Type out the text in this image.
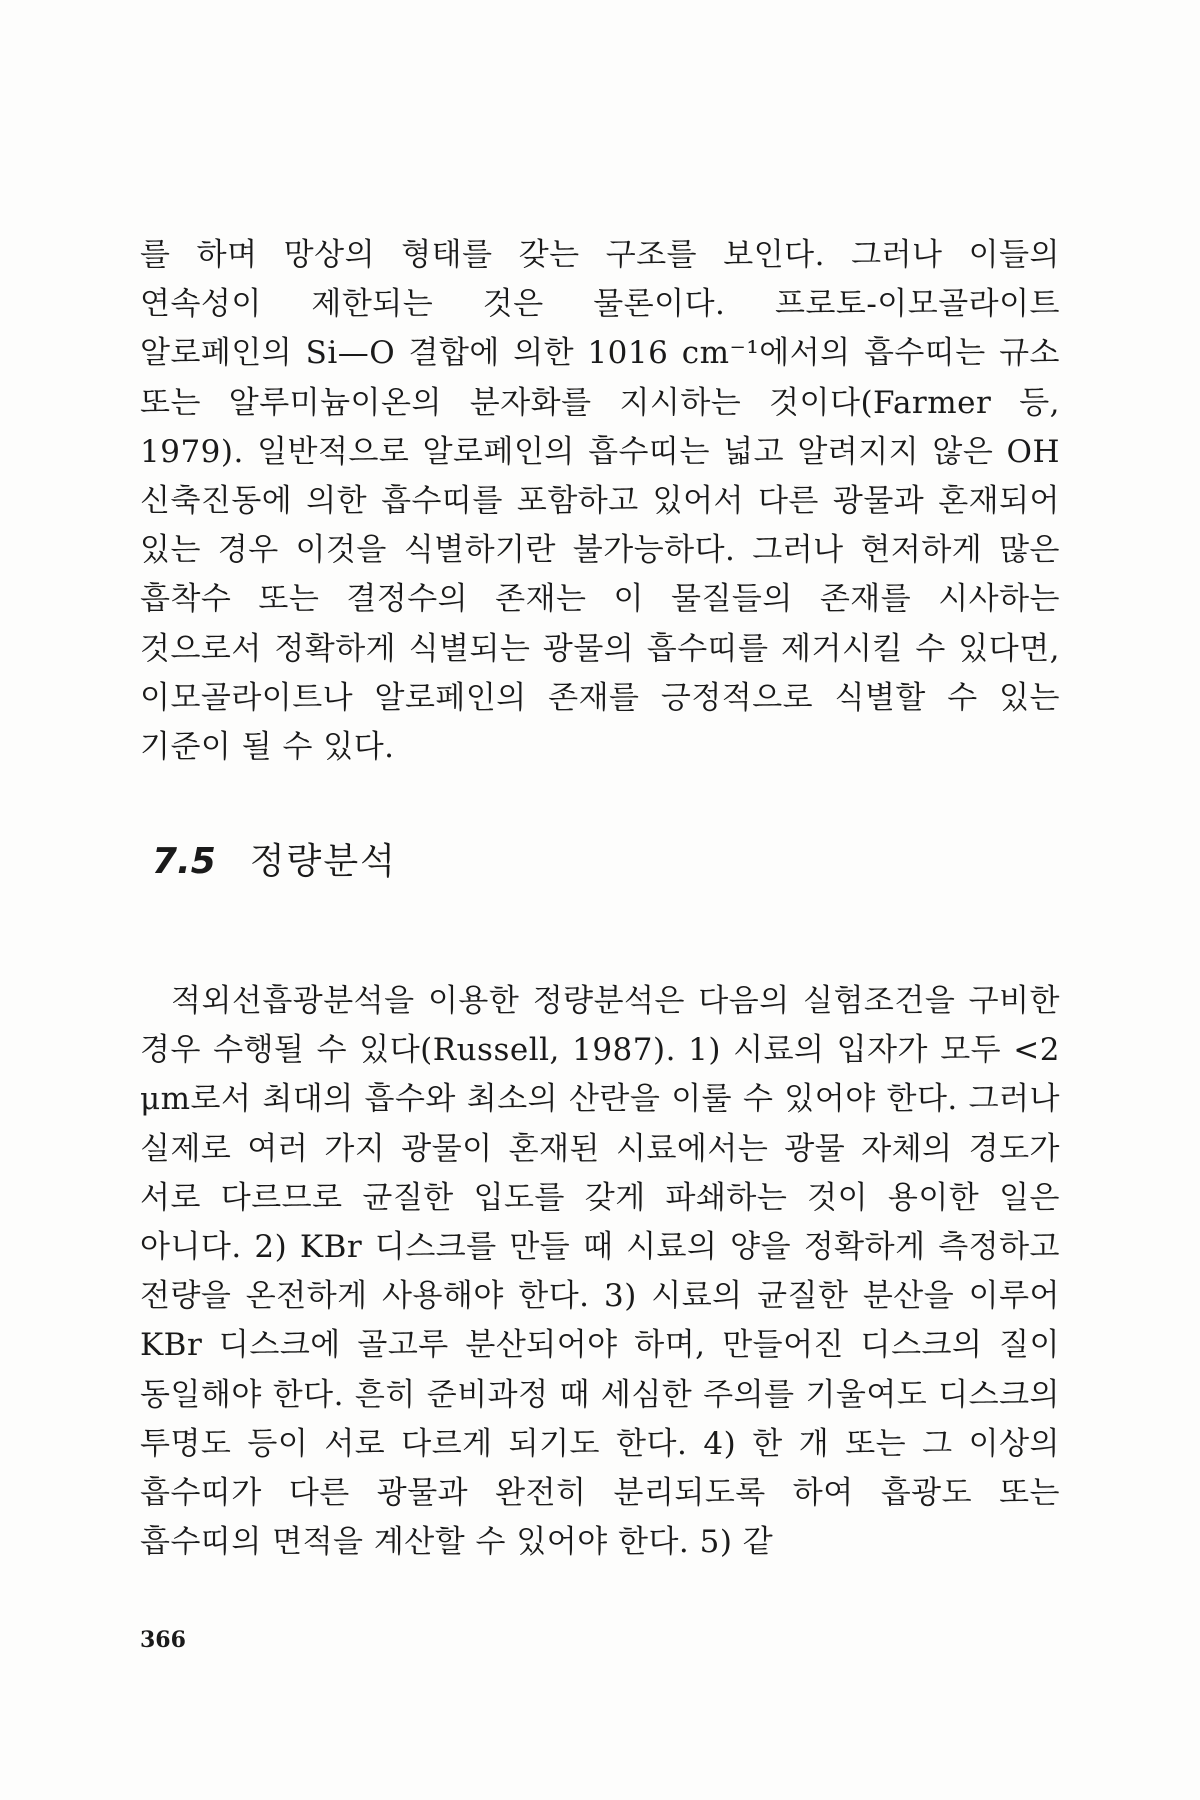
를 하며 망상의 형태를 갖는 구조를 보인다. 그러나 이들의 연속성이 제한되는 것은 물론이다. 프로토-이모골라이트 알로페인의 Si—O 결합에 의한 1016 cm⁻¹에서의 흡수띠는 규소 또는 알루미늄이온의 분자화를 지시하는 것이다(Farmer 등, 1979). 일반적으로 알로페인의 흡수띠는 넓고 알려지지 않은 OH 신축진동에 의한 흡수띠를 포함하고 있어서 다른 광물과 혼재되어 있는 경우 이것을 식별하기란 불가능하다. 그러나 현저하게 많은 흡착수 또는 결정수의 존재는 이 물질들의 존재를 시사하는 것으로서 정확하게 식별되는 광물의 흡수띠를 제거시킬 수 있다면, 이모골라이트나 알로페인의 존재를 긍정적으로 식별할 수 있는 기준이 될 수 있다.

7.5 정량분석

적외선흡광분석을 이용한 정량분석은 다음의 실험조건을 구비한 경우 수행될 수 있다(Russell, 1987). 1) 시료의 입자가 모두 <2 μm로서 최대의 흡수와 최소의 산란을 이룰 수 있어야 한다. 그러나 실제로 여러 가지 광물이 혼재된 시료에서는 광물 자체의 경도가 서로 다르므로 균질한 입도를 갖게 파쇄하는 것이 용이한 일은 아니다. 2) KBr 디스크를 만들 때 시료의 양을 정확하게 측정하고 전량을 온전하게 사용해야 한다. 3) 시료의 균질한 분산을 이루어 KBr 디스크에 골고루 분산되어야 하며, 만들어진 디스크의 질이 동일해야 한다. 흔히 준비과정 때 세심한 주의를 기울여도 디스크의 투명도 등이 서로 다르게 되기도 한다. 4) 한 개 또는 그 이상의 흡수띠가 다른 광물과 완전히 분리되도록 하여 흡광도 또는 흡수띠의 면적을 계산할 수 있어야 한다. 5) 같

366
